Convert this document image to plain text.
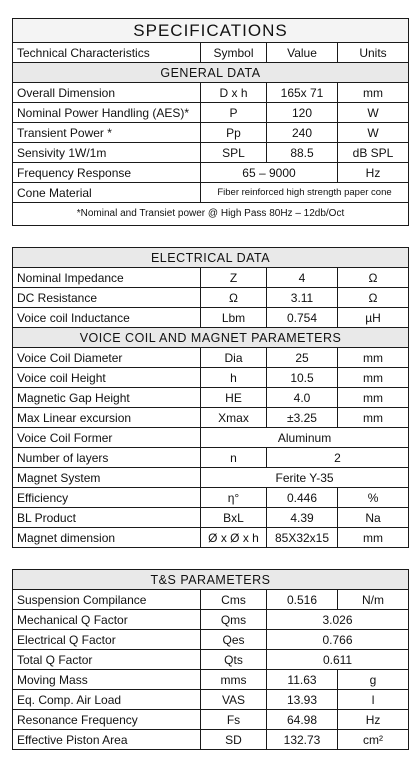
SPECIFICATIONS			
Technical Characteristics	Symbol	Value	Units
GENERAL DATA			
Overall Dimension	D x h	165x 71	mm
Nominal Power Handling (AES)*	P	120	W
Transient Power *	Pp	240	W
Sensivity 1W/1m	SPL	88.5	dB SPL
Frequency Response	65 – 9000		Hz
Cone Material	Fiber reinforced high strength paper cone		
*Nominal and Transiet power @ High Pass 80Hz – 12db/Oct			
ELECTRICAL DATA			
Nominal Impedance	Z	4	Ω
DC Resistance	Ω	3.11	Ω
Voice coil Inductance	Lbm	0.754	µH
VOICE COIL AND MAGNET PARAMETERS			
Voice Coil Diameter	Dia	25	mm
Voice coil Height	h	10.5	mm
Magnetic Gap Height	HE	4.0	mm
Max Linear excursion	Xmax	±3.25	mm
Voice Coil Former	Aluminum		
Number of layers	n	2	
Magnet System	Ferite Y-35		
Efficiency	η°	0.446	%
BL Product	BxL	4.39	Na
Magnet dimension	Ø x Ø x h	85X32x15	mm
T&S PARAMETERS			
Suspension Compilance	Cms	0.516	N/m
Mechanical Q Factor	Qms	3.026	
Electrical Q Factor	Qes	0.766	
Total Q Factor	Qts	0.611	
Moving Mass	mms	11.63	g
Eq. Comp. Air Load	VAS	13.93	l
Resonance Frequency	Fs	64.98	Hz
Effective Piston Area	SD	132.73	cm²
